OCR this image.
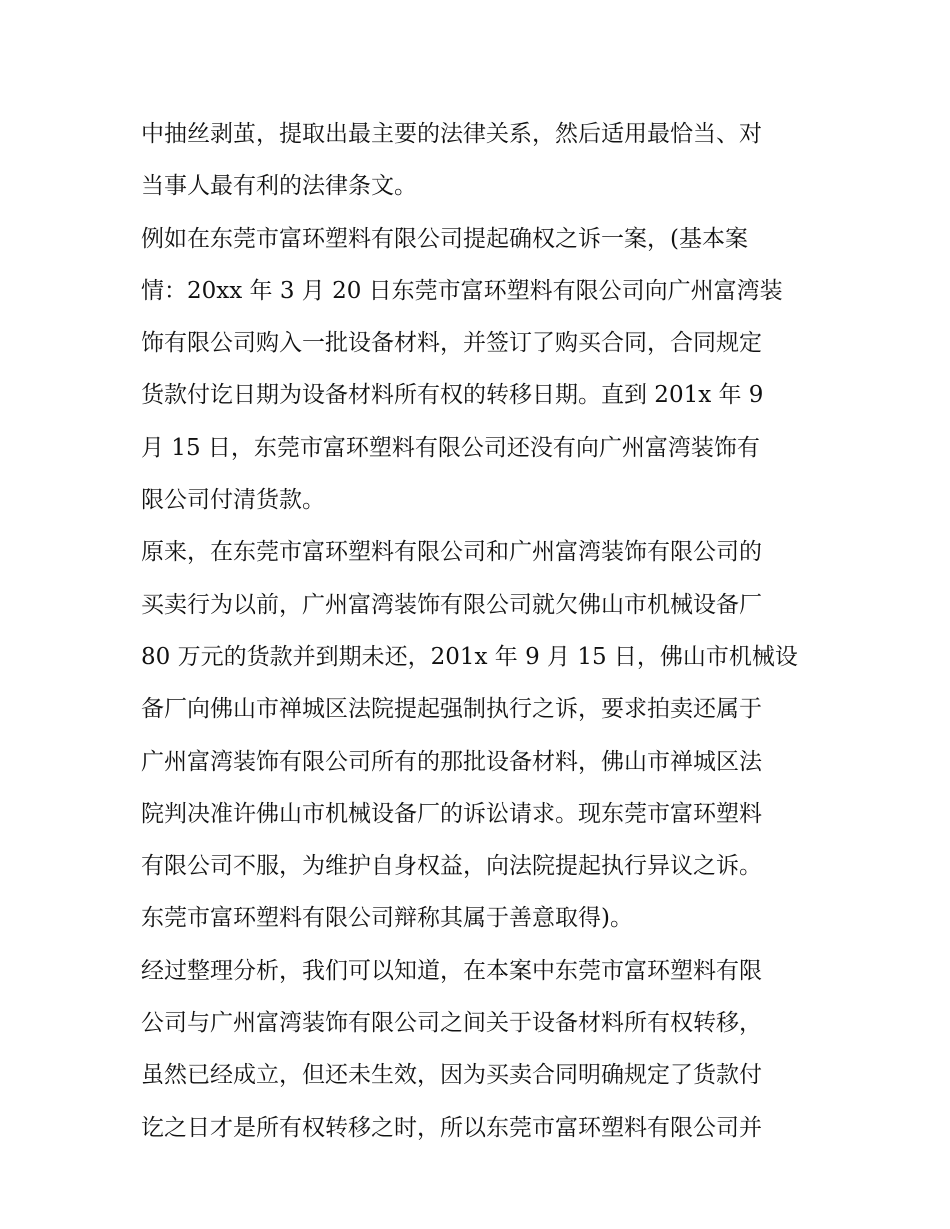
中抽丝剥茧，提取出最主要的法律关系，然后适用最恰当、对
当事人最有利的法律条文。
例如在东莞市富环塑料有限公司提起确权之诉一案，(基本案
情：20xx 年 3 月 20 日东莞市富环塑料有限公司向广州富湾装
饰有限公司购入一批设备材料，并签订了购买合同，合同规定
货款付讫日期为设备材料所有权的转移日期。直到 201x 年 9
月 15 日，东莞市富环塑料有限公司还没有向广州富湾装饰有
限公司付清货款。
原来，在东莞市富环塑料有限公司和广州富湾装饰有限公司的
买卖行为以前，广州富湾装饰有限公司就欠佛山市机械设备厂
80 万元的货款并到期未还，201x 年 9 月 15 日，佛山市机械设
备厂向佛山市禅城区法院提起强制执行之诉，要求拍卖还属于
广州富湾装饰有限公司所有的那批设备材料，佛山市禅城区法
院判决准许佛山市机械设备厂的诉讼请求。现东莞市富环塑料
有限公司不服，为维护自身权益，向法院提起执行异议之诉。
东莞市富环塑料有限公司辩称其属于善意取得)。
经过整理分析，我们可以知道，在本案中东莞市富环塑料有限
公司与广州富湾装饰有限公司之间关于设备材料所有权转移，
虽然已经成立，但还未生效，因为买卖合同明确规定了货款付
讫之日才是所有权转移之时，所以东莞市富环塑料有限公司并
